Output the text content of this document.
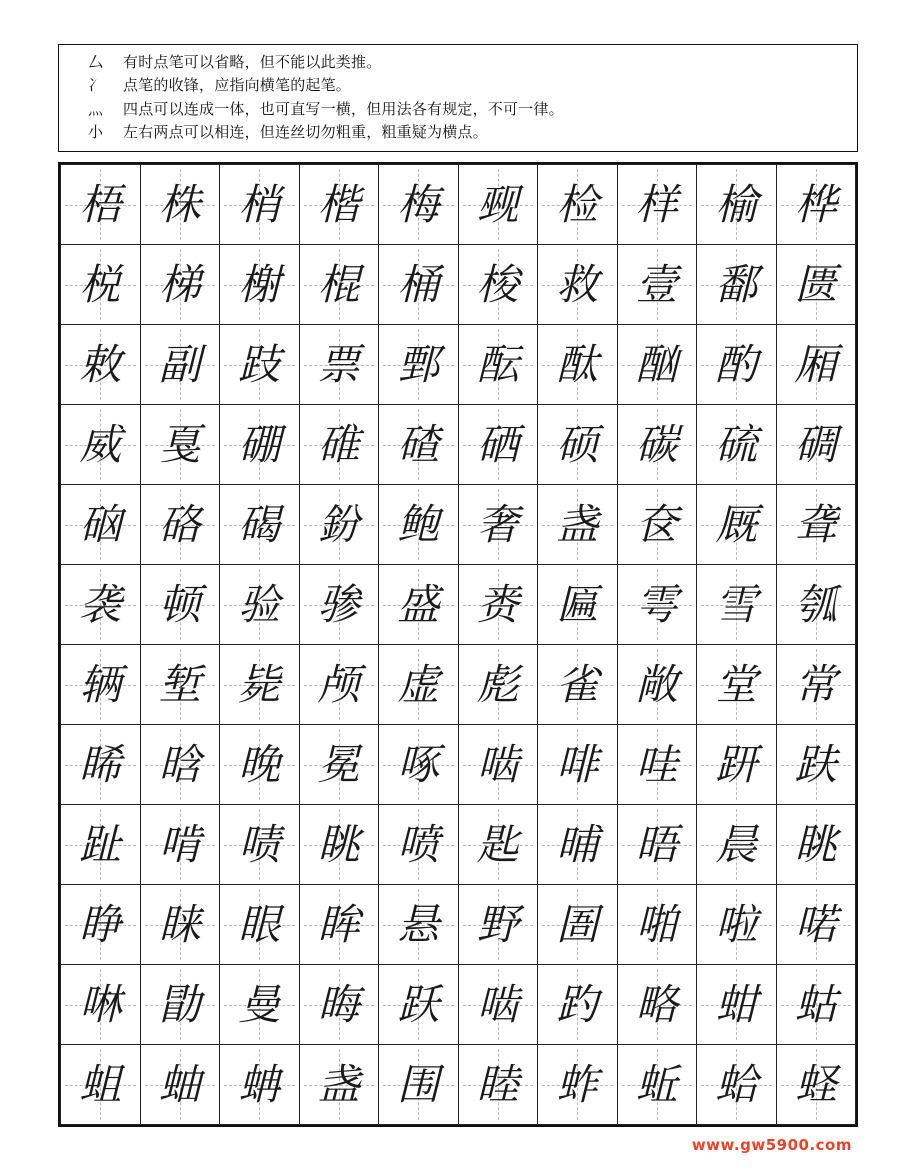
厶	有时点笔可以省略，但不能以此类推。
冫	点笔的收锋，应指向横笔的起笔。
灬	四点可以连成一体，也可直写一横，但用法各有规定，不可一律。
小	左右两点可以相连，但连丝切勿粗重，粗重疑为横点。
梧	株	梢	楷	梅	觋	检	样	榆	桦

棁	梯	榭	棍	桶	梭	救	壹	鄱	匮

敕	副	跂	票	鄄	酝	酞	酗	酌	厢

威	戛	硼	碓	碴	硒	硕	碳	硫	碉

硇	硌	碣	鈖	鲍	奢	盏	奁	厩	聋

袭	顿	验	骖	盛	赉	匾	雩	雪	瓠

辆	堑	毙	颅	虚	彪	雀	敞	堂	常

睎	晗	晚	冕	啄	啮	啡	哇	趼	趺

趾	啃	啧	眺	喷	匙	晡	晤	晨	眺

睁	睐	眼	眸	悬	野	圄	啪	啦	喏

啉	勖	曼	晦	跃	啮	趵	略	蚶	蛄

蛆	蚰	蚺	盏	围	睦	蚱	蚯	蛤	蛏
www.gw5900.com
